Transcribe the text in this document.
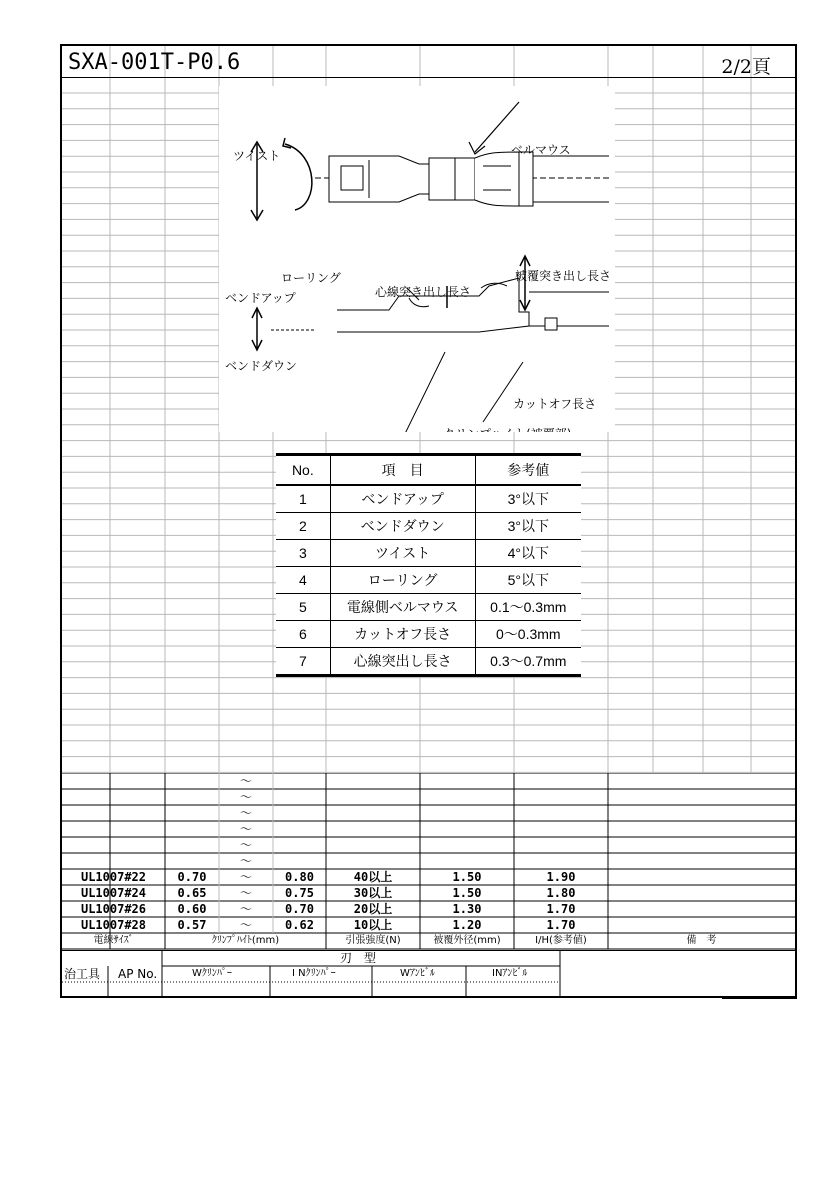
SXA-001T-P0.6	2/2頁
ツイスト	ベルマウス
ローリング
ベンドアップ
ベンドダウン
心線突き出し長さ
被覆突き出し長さ
カットオフ長さ
No.	項　目	参考値
1	ベンドアップ	3°以下
2	ベンドダウン	3°以下
3	ツイスト	4°以下
4	ローリング	5°以下
5	電線側ベルマウス	0.1～0.3mm
6	カットオフ長さ	0～0.3mm
7	心線突出し長さ	0.3～0.7mm
～
～
～
～
～
～
UL1007#22	0.70	～	0.80	40以上	1.50	1.90
UL1007#24	0.65	～	0.75	30以上	1.50	1.80
UL1007#26	0.60	～	0.70	20以上	1.30	1.70
UL1007#28	0.57	～	0.62	10以上	1.20	1.70
電線ｻｲｽﾞ	ｸﾘﾝﾌﾟﾊｲﾄ(mm)	引張強度(N)	被覆外径(mm)	I/H(参考値)	備　考
刃　型
治工具 AP No.	Wｸﾘﾝﾊﾟｰ	I Nｸﾘﾝﾊﾟｰ	Wｱﾝﾋﾞﾙ	INｱﾝﾋﾞﾙ
